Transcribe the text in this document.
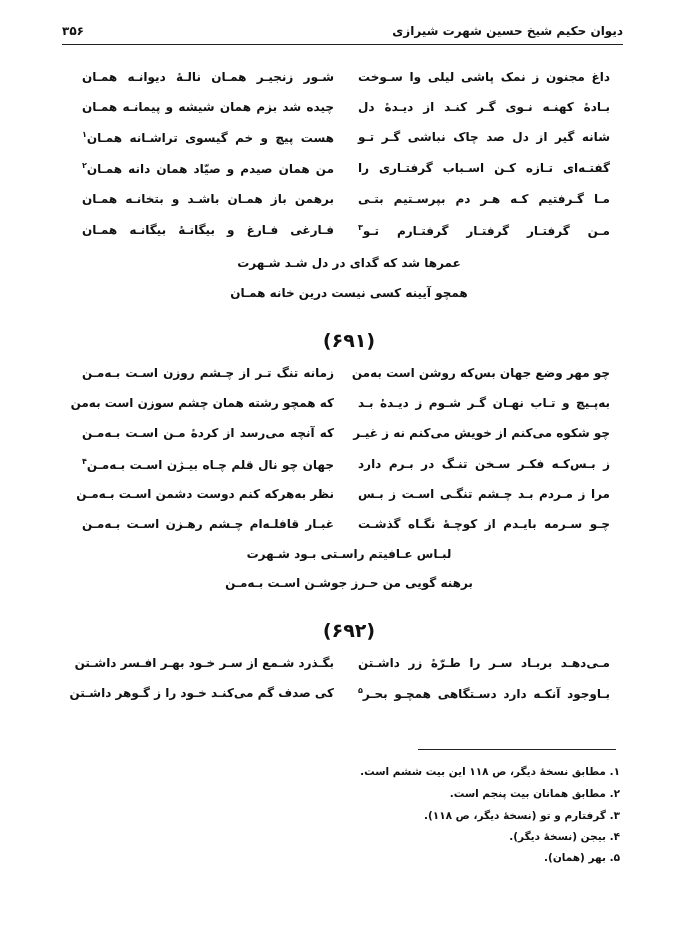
دیوان حکیم شیخ حسین شهرت شیرازی
۳۵۶
داغ مجنون ز نمک پاشی لیلی وا سـوخت
شـور زنجیـر همـان نالـهٔ دیوانـه همـان
بـادهٔ کهنـه نـوی گـر کنـد از دیـدهٔ دل
چیده شد بزم همان شیشه و پیمانـه همـان
شانه گیر از دل صد چاک نباشی گـر تـو
هست پیچ و خم گیسوی تراشـانه همـان$^۱$
گفتـه‌ای تـازه کـن اسـباب گرفتـاری را
من همان صیدم و صیّاد همان دانه همـان$^۲$
مـا گـرفتیم کـه هـر دم بپرسـتیم بتـی
برهمن باز همـان باشـد و بتخانـه همـان
مـن گرفتـار گرفتـار گرفتـارم تـو$^۳$
فـارغی فـارغ و بیگانـهٔ بیگانـه همـان
عمرها شد که گدای در دل شـد شـهرت
همچو آیینه کسی نیست درین خانه همـان
(۶۹۱)
چو مهر وضع جهان بس‌که روشن است به‌من
زمانه تنگ تـر از چـشم روزن اسـت بـه‌مـن
به‌پـیچ و تـاب نهـان گـر شـوم ز دیـدهٔ بـد
که همچو رشته همان چشم سوزن است به‌من
چو شکوه می‌کنم از خویش می‌کنم نه ز غیـر
که آنچه می‌رسد از کردهٔ مـن اسـت بـه‌مـن
ز بـس‌کـه فکـر سـخن تنـگ در بـرم دارد
جهان چو نال قلم چـاه بیـژن اسـت بـه‌مـن$^۴$
مرا ز مـردم بـد چـشم تنگـی اسـت ز بـس
نظر به‌هرکه کنم دوست دشمن اسـت بـه‌مـن
چـو سـرمه بایـدم از کوچـهٔ نگـاه گذشـت
غبـار قافلـه‌ام چـشم رهـزن اسـت بـه‌مـن
لبـاس عـافیتم راسـتی بـود شـهرت
برهنه گویی من حـرز جوشـن اسـت بـه‌مـن
(۶۹۲)
مـی‌دهـد بربـاد سـر را طـرّهٔ زر داشـتن
بگـذرد شـمع از سـر خـود بهـر افـسر داشـتن
بـاوجود آنکـه دارد دسـتگاهی همچـو بحـر$^۵$
کی صدف گم می‌کنـد خـود را ز گـوهر داشـتن
۱. مطابق نسخهٔ دیگر، ص ۱۱۸ این بیت ششم است.
۲. مطابق همانان بیت پنجم است.
۳. گرفتارم و تو (نسخهٔ دیگر، ص ۱۱۸).
۴. بیجن (نسخهٔ دیگر).
۵. بهر (همان).
